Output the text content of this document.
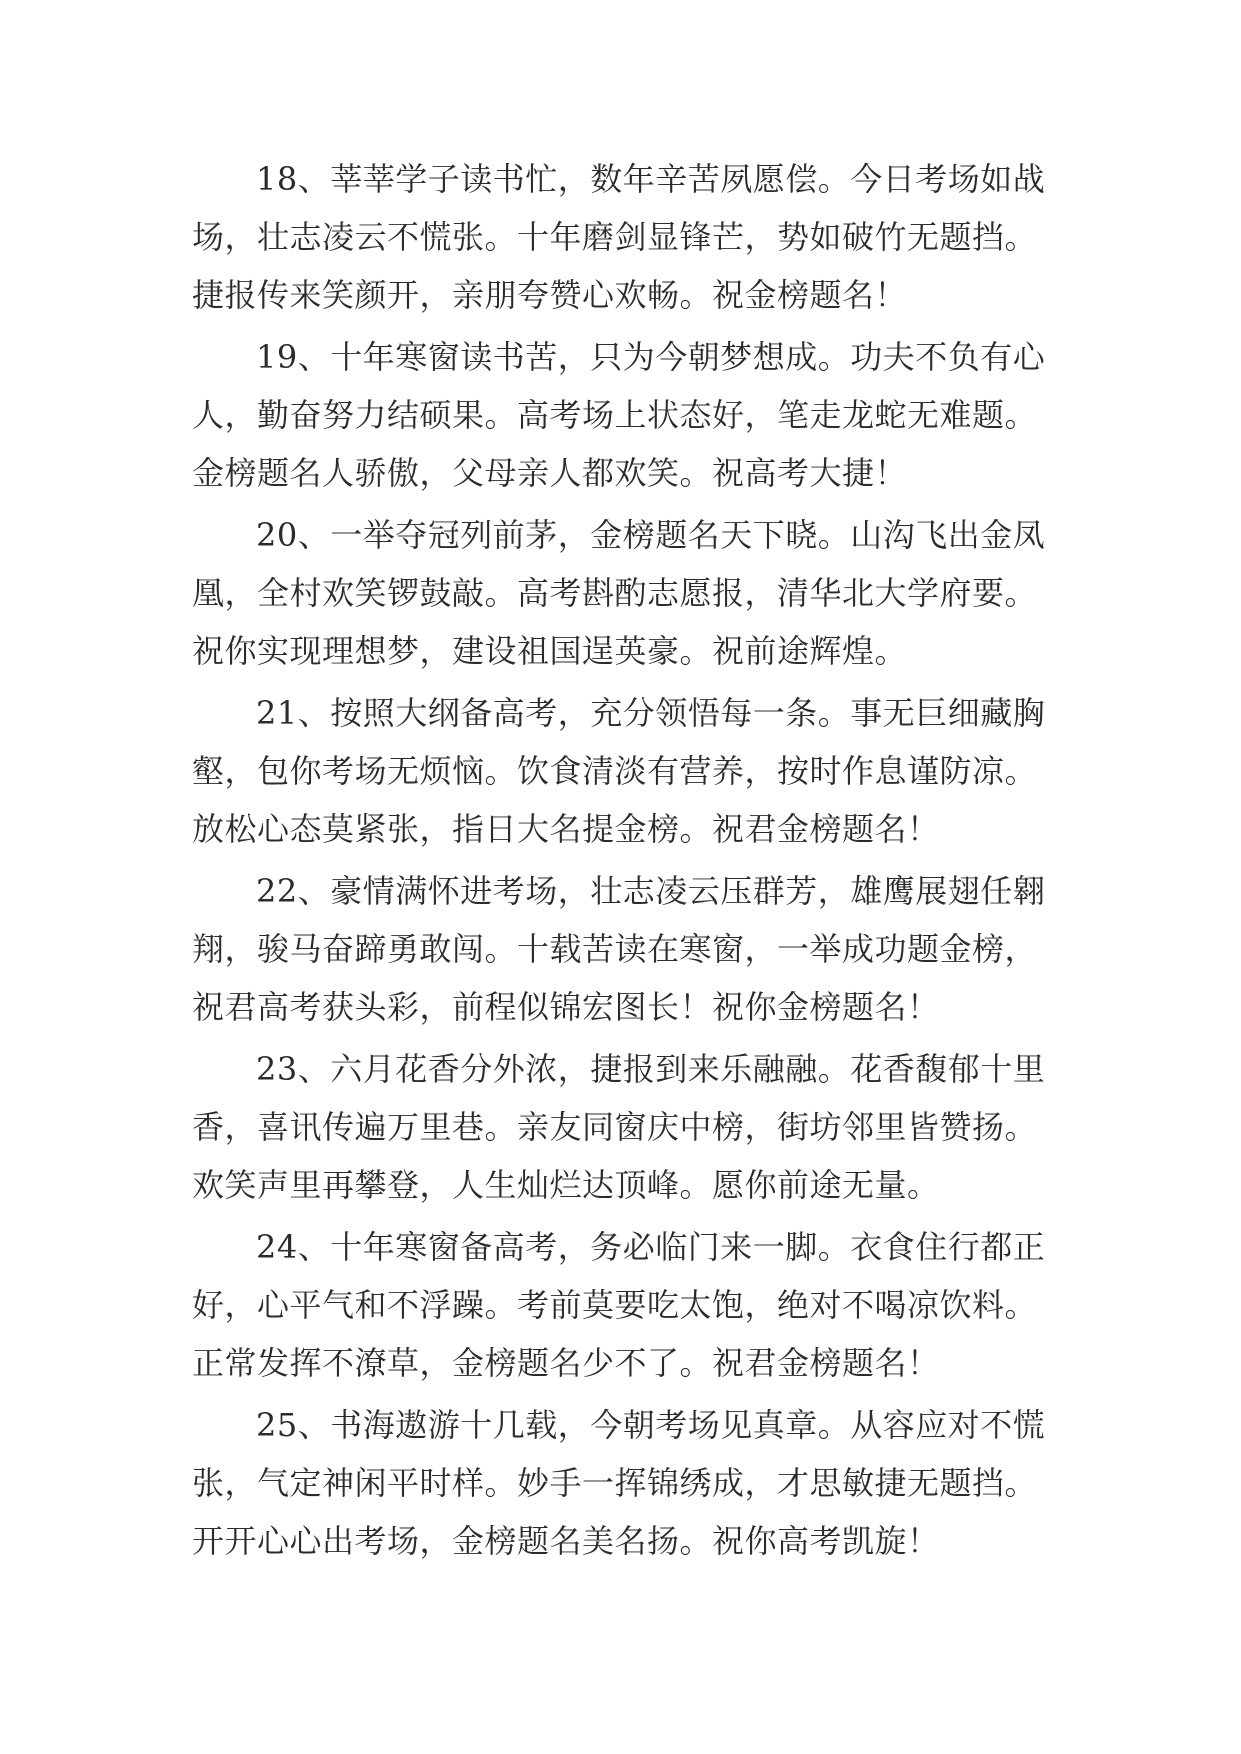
18、莘莘学子读书忙，数年辛苦夙愿偿。今日考场如战
场，壮志凌云不慌张。十年磨剑显锋芒，势如破竹无题挡。
捷报传来笑颜开，亲朋夸赞心欢畅。祝金榜题名！
19、十年寒窗读书苦，只为今朝梦想成。功夫不负有心
人，勤奋努力结硕果。高考场上状态好，笔走龙蛇无难题。
金榜题名人骄傲，父母亲人都欢笑。祝高考大捷！
20、一举夺冠列前茅，金榜题名天下晓。山沟飞出金凤
凰，全村欢笑锣鼓敲。高考斟酌志愿报，清华北大学府要。
祝你实现理想梦，建设祖国逞英豪。祝前途辉煌。
21、按照大纲备高考，充分领悟每一条。事无巨细藏胸
壑，包你考场无烦恼。饮食清淡有营养，按时作息谨防凉。
放松心态莫紧张，指日大名提金榜。祝君金榜题名！
22、豪情满怀进考场，壮志凌云压群芳，雄鹰展翅任翱
翔，骏马奋蹄勇敢闯。十载苦读在寒窗，一举成功题金榜，
祝君高考获头彩，前程似锦宏图长！祝你金榜题名！
23、六月花香分外浓，捷报到来乐融融。花香馥郁十里
香，喜讯传遍万里巷。亲友同窗庆中榜，街坊邻里皆赞扬。
欢笑声里再攀登，人生灿烂达顶峰。愿你前途无量。
24、十年寒窗备高考，务必临门来一脚。衣食住行都正
好，心平气和不浮躁。考前莫要吃太饱，绝对不喝凉饮料。
正常发挥不潦草，金榜题名少不了。祝君金榜题名！
25、书海遨游十几载，今朝考场见真章。从容应对不慌
张，气定神闲平时样。妙手一挥锦绣成，才思敏捷无题挡。
开开心心出考场，金榜题名美名扬。祝你高考凯旋！
